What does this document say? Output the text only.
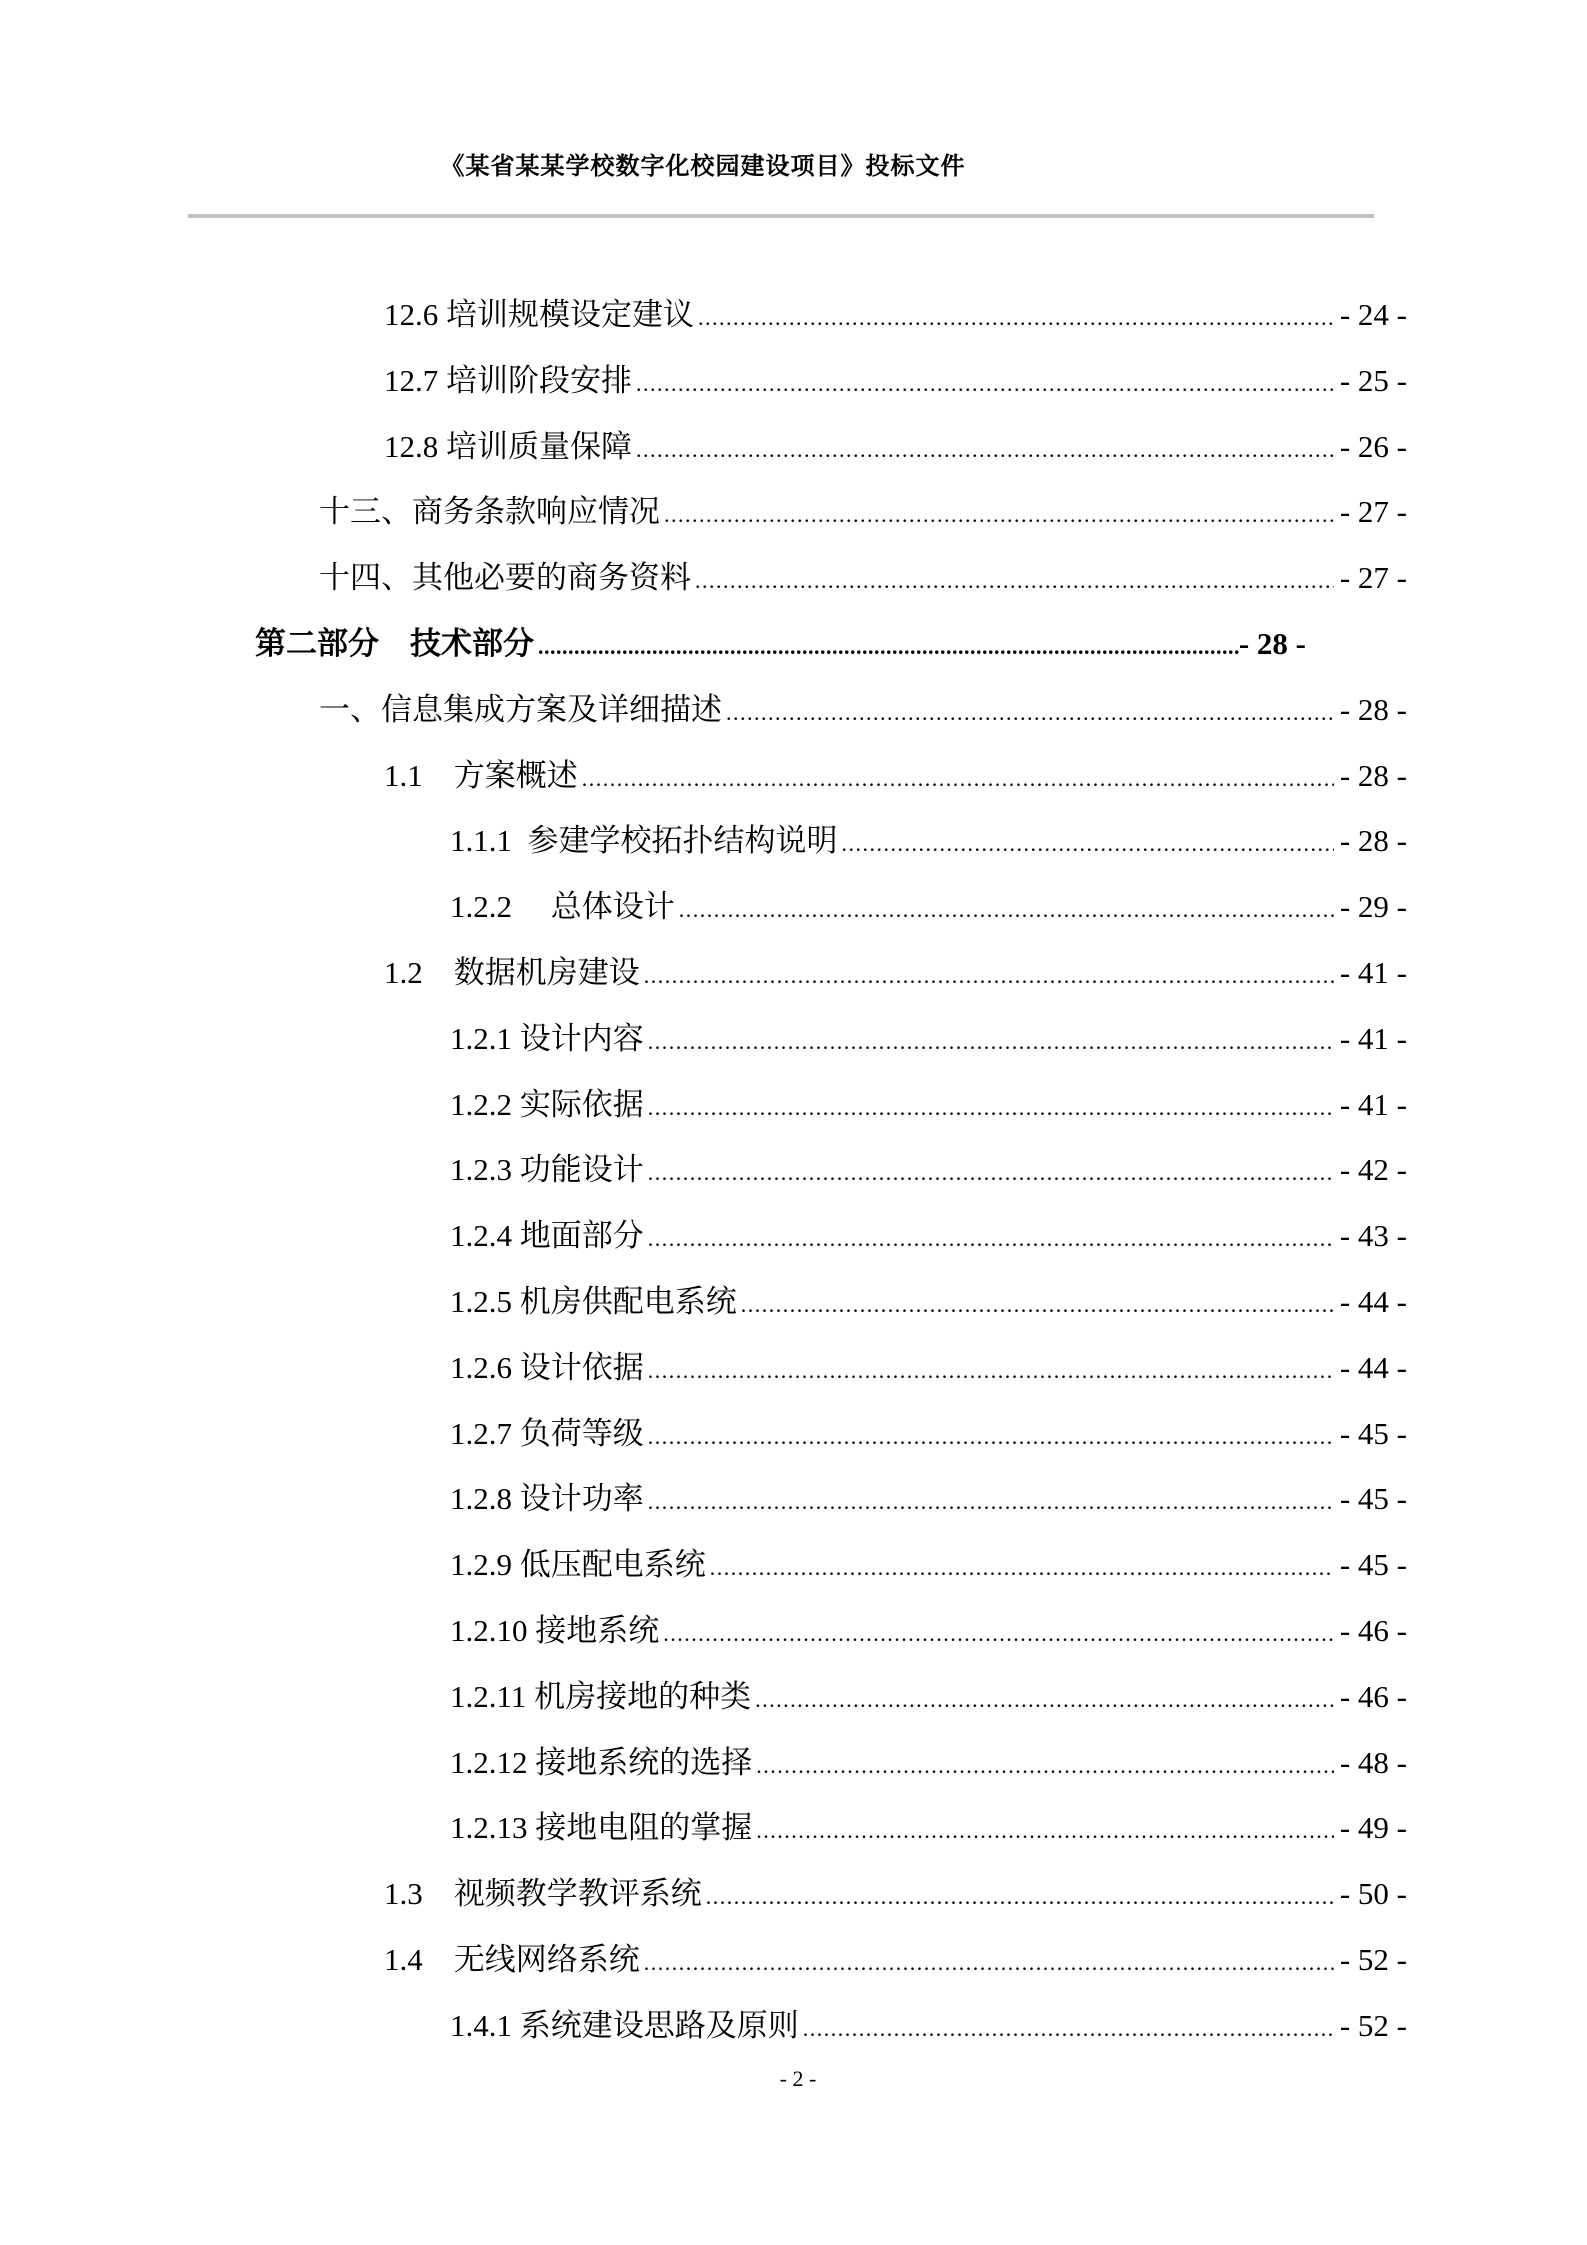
《某省某某学校数字化校园建设项目》投标文件
12.6 培训规模设定建议 .....	- 24 -
12.7 培训阶段安排 .....	- 25 -
12.8 培训质量保障 .....	- 26 -
十三、商务条款响应情况 .....	- 27 -
十四、其他必要的商务资料 .....	- 27 -
第二部分　技术部分 .....	- 28 -
一、信息集成方案及详细描述 .....	- 28 -
1.1　方案概述 .....	- 28 -
1.1.1  参建学校拓扑结构说明 .....	- 28 -
1.2.2　 总体设计 .....	- 29 -
1.2　数据机房建设 .....	- 41 -
1.2.1 设计内容 .....	- 41 -
1.2.2 实际依据 .....	- 41 -
1.2.3 功能设计 .....	- 42 -
1.2.4 地面部分 .....	- 43 -
1.2.5 机房供配电系统 .....	- 44 -
1.2.6 设计依据 .....	- 44 -
1.2.7 负荷等级 .....	- 45 -
1.2.8 设计功率 .....	- 45 -
1.2.9 低压配电系统 .....	- 45 -
1.2.10 接地系统 .....	- 46 -
1.2.11 机房接地的种类 .....	- 46 -
1.2.12 接地系统的选择 .....	- 48 -
1.2.13 接地电阻的掌握 .....	- 49 -
1.3　视频教学教评系统 .....	- 50 -
1.4　无线网络系统 .....	- 52 -
1.4.1 系统建设思路及原则 .....	- 52 -
- 2 -
